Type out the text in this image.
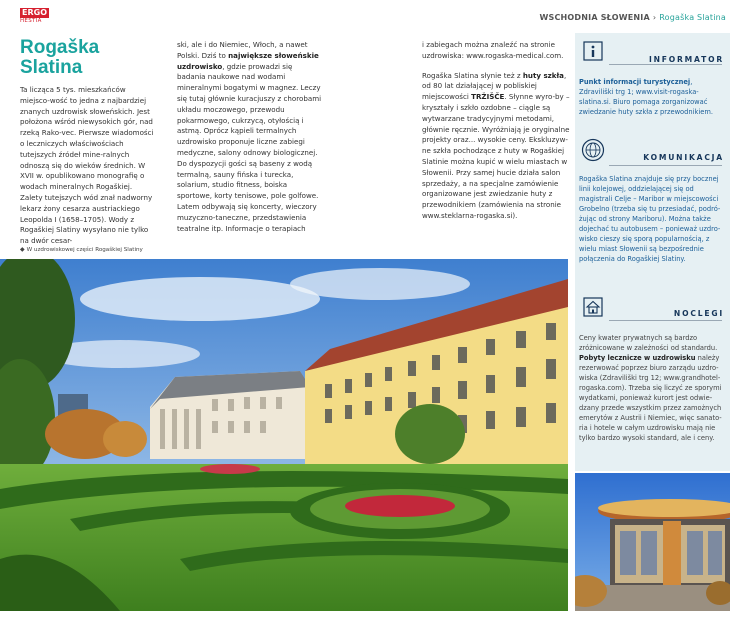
ERGO
HESTIA	WSCHODNIA SŁOWENIA › Rogaška Slatina
Rogaška Slatina
Ta licząca 5 tys. mieszkańców miejsco-wość to jedna z najbardziej znanych uzdrowisk słoweńskich. Jest położona wśród niewysokich gór, nad rzeką Rako-vec. Pierwsze wiadomości o leczniczych właściwościach tutejszych źródeł mine-ralnych odnoszą się do wieków średnich. W XVII w. opublikowano monografię o wodach mineralnych Rogaškiej. Zalety tutejszych wód znał nadworny lekarz żony cesarza austriackiego Leopolda I (1658–1705). Wody z Rogaškiej Slatiny wysyłano nie tylko na dwór cesar-
ski, ale i do Niemiec, Włoch, a nawet Polski. Dziś to największe słoweńskie uzdrowisko, gdzie prowadzi się badania naukowe nad wodami mineralnymi bogatymi w magnez. Leczy się tutaj głównie kuracjuszy z chorobami układu moczowego, przewodu pokarmowego, cukrzycą, otyłością i astmą. Oprócz kąpieli termalnych uzdrowisko proponuje liczne zabiegi medyczne, salony odnowy biologicznej. Do dyspozycji gości są baseny z wodą termalną, sauny fińska i turecka, solarium, studio fitness, boiska sportowe, korty tenisowe, pole golfowe. Latem odbywają się koncerty, wieczory muzyczno-taneczne, przedstawienia teatralne itp. Informacje o terapiach
i zabiegach można znaleźć na stronie uzdrowiska: www.rogaska-medical.com.
Rogaška Slatina słynie też z huty szkła, od 80 lat działającej w pobliskiej miejscowości TRŽIŠČE. Słynne wyro-by – kryształy i szkło ozdobne – ciągle są wytwarzane tradycyjnymi metodami, głównie ręcznie. Wyróżniają je oryginalne projekty oraz... wysokie ceny. Ekskluzyw-ne szkła pochodzące z huty w Rogaškiej Slatinie można kupić w wielu miastach w Słowenii. Przy samej hucie działa salon sprzedaży, a na specjalne zamówienie organizowane jest zwiedzanie huty z przewodnikiem (zamówienia na stronie www.steklarna-rogaska.si).
◆ W uzdrowiskowej części Rogaškiej Slatiny
INFORMATOR
Punkt informacji turystycznej, Zdraviliški trg 1; www.visit-rogaska-slatina.si. Biuro pomaga zorganizować zwiedzanie huty szkła z przewodnikiem.
KOMUNIKACJA
Rogaška Slatina znajduje się przy bocznej linii kolejowej, oddzielającej się od magistrali Celje – Maribor w miejscowości Grobelno (trzeba się tu przesiadać, podró-żując od strony Mariboru). Można także dojechać tu autobusem – ponieważ uzdro-wisko cieszy się sporą popularnością, z wielu miast Słowenii są bezpośrednie połączenia do Rogaškiej Slatiny.
NOCLEGI
Ceny kwater prywatnych są bardzo zróżnicowane w zależności od standardu. Pobyty lecznicze w uzdrowisku należy rezerwować poprzez biuro zarządu uzdro-wiska (Zdraviliški trg 12; www.grandhotel-rogaska.com). Trzeba się liczyć ze sporymi wydatkami, ponieważ kurort jest odwie-dzany przede wszystkim przez zamożnych emerytów z Austrii i Niemiec, więc sanato-ria i hotele w całym uzdrowisku mają nie tylko bardzo wysoki standard, ale i ceny.
